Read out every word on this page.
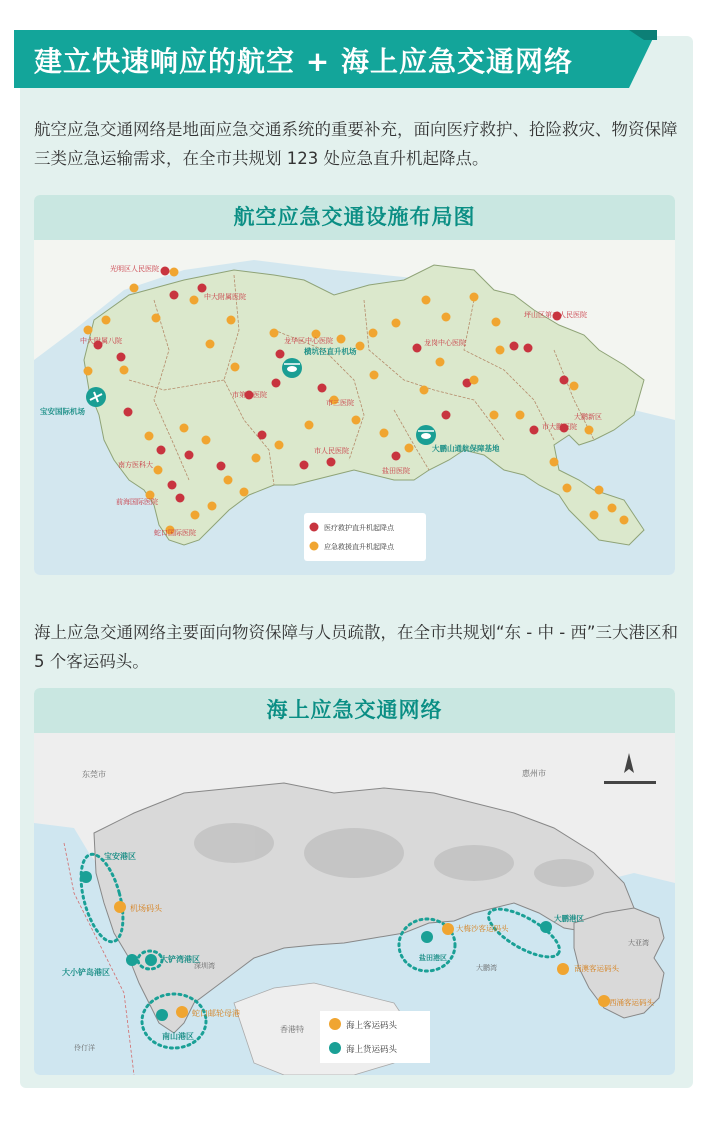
建立快速响应的航空 + 海上应急交通网络
航空应急交通网络是地面应急交通系统的重要补充，面向医疗救护、抢险救灾、物资保障三类应急运输需求，在全市共规划 123 处应急直升机起降点。
航空应急交通设施布局图
光明区人民医院
中大附属医院
中大附属八院	龙华区中心医院
坪山区第三人民医院
龙岗中心医院
市第二医院
市三医院
市人民医院
盐田医院
南方医科大
前海国际医院
蛇口国际医院
市大鹏医院
大鹏新区
宝安国际机场
横坑径直升机场
大鹏山通航保障基地
医疗救护直升机起降点
应急救援直升机起降点
海上应急交通网络主要面向物资保障与人员疏散，在全市共规划“东 - 中 - 西”三大港区和 5 个客运码头。
海上应急交通网络
东莞市	惠州市
香港特
大鹏湾
大亚湾
深圳湾
伶仃洋
宝安港区
机场码头
大铲湾港区
大小铲岛港区
蛇口邮轮母港
南山港区
盐田港区
大梅沙客运码头
大鹏港区
南澳客运码头
西涌客运码头
海上客运码头
海上货运码头
